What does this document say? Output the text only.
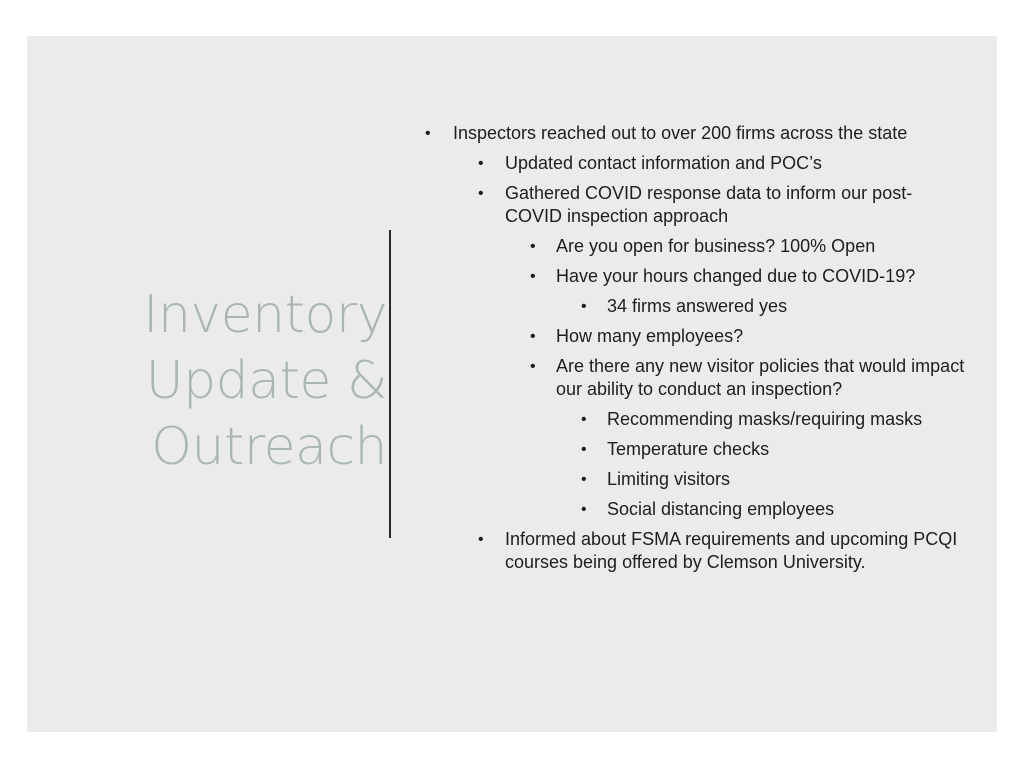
Inventory
Update &
Outreach
• Inspectors reached out to over 200 firms across the state
• Updated contact information and POC’s
• Gathered COVID response data to inform our post-COVID inspection approach
• Are you open for business? 100% Open
• Have your hours changed due to COVID-19?
• 34 firms answered yes
• How many employees?
• Are there any new visitor policies that would impact our ability to conduct an inspection?
• Recommending masks/requiring masks
• Temperature checks
• Limiting visitors
• Social distancing employees
• Informed about FSMA requirements and upcoming PCQI courses being offered by Clemson University.
